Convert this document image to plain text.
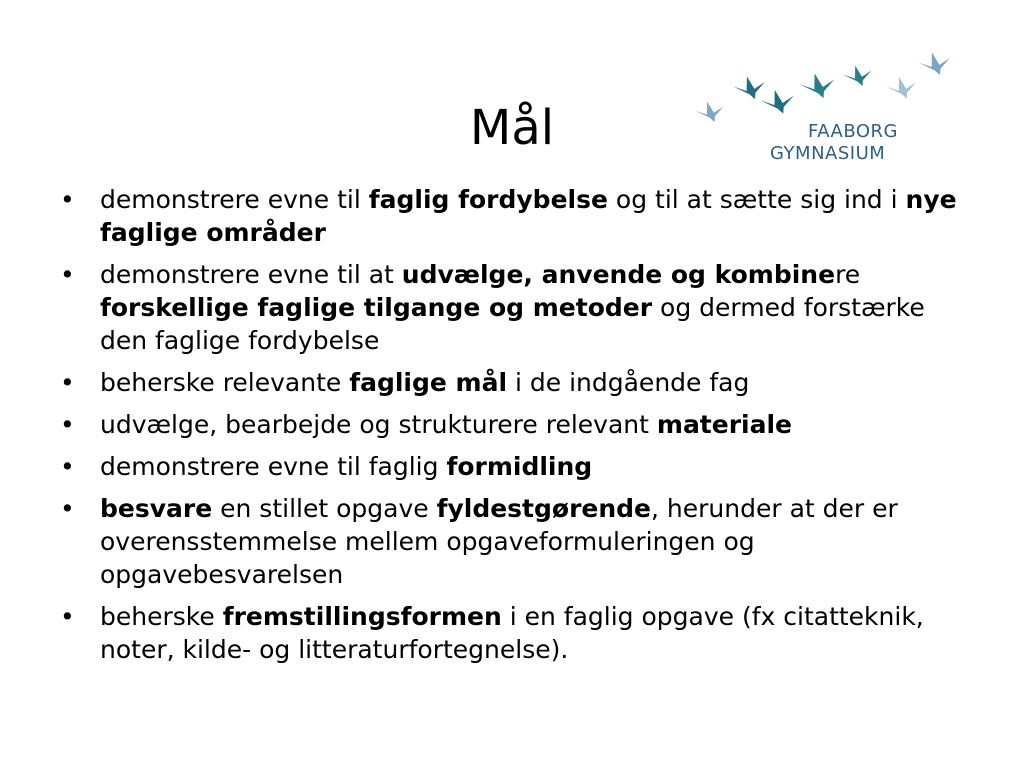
Mål	FAABORG
GYMNASIUM
• demonstrere evne til faglig fordybelse og til at sætte sig ind i nye faglige områder
• demonstrere evne til at udvælge, anvende og kombinere forskellige faglige tilgange og metoder og dermed forstærke den faglige fordybelse
• beherske relevante faglige mål i de indgående fag
• udvælge, bearbejde og strukturere relevant materiale
• demonstrere evne til faglig formidling
• besvare en stillet opgave fyldestgørende, herunder at der er overensstemmelse mellem opgaveformuleringen og opgavebesvarelsen
• beherske fremstillingsformen i en faglig opgave (fx citatteknik, noter, kilde- og litteraturfortegnelse).
